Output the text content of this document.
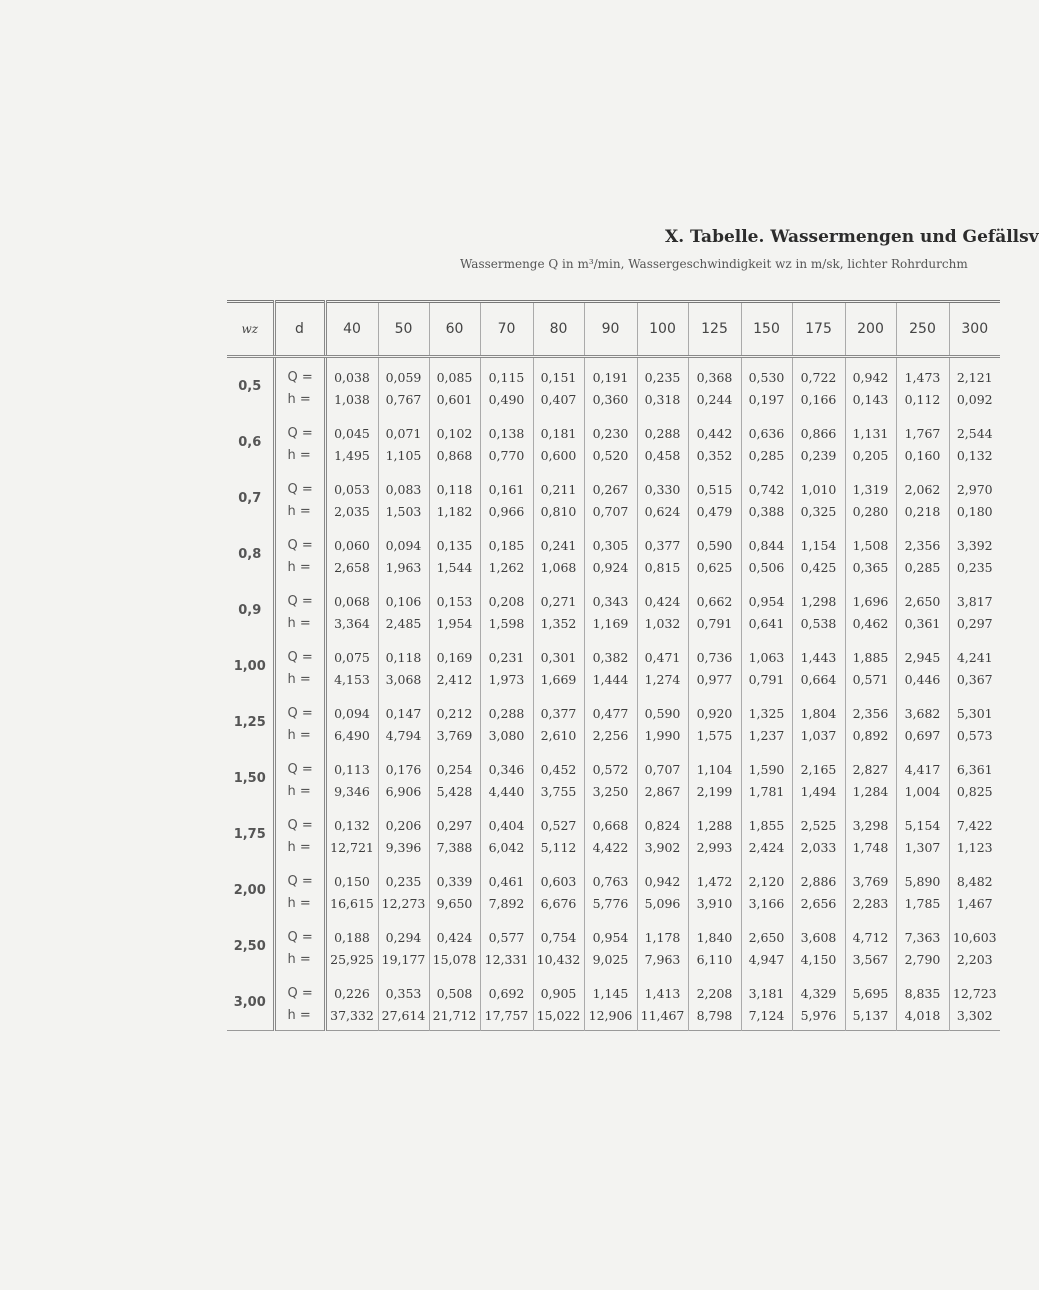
X. Tabelle. Wassermengen und Gefällsv
Wassermenge Q in m³/min, Wassergeschwindigkeit wz in m/sk, lichter Rohrdurchm
wz	d	40	50	60	70	80	90	100	125	150	175	200	250	300
0,5	Q =	0,038	0,059	0,085	0,115	0,151	0,191	0,235	0,368	0,530	0,722	0,942	1,473	2,121
	h =	1,038	0,767	0,601	0,490	0,407	0,360	0,318	0,244	0,197	0,166	0,143	0,112	0,092
0,6	Q =	0,045	0,071	0,102	0,138	0,181	0,230	0,288	0,442	0,636	0,866	1,131	1,767	2,544
	h =	1,495	1,105	0,868	0,770	0,600	0,520	0,458	0,352	0,285	0,239	0,205	0,160	0,132
0,7	Q =	0,053	0,083	0,118	0,161	0,211	0,267	0,330	0,515	0,742	1,010	1,319	2,062	2,970
	h =	2,035	1,503	1,182	0,966	0,810	0,707	0,624	0,479	0,388	0,325	0,280	0,218	0,180
0,8	Q =	0,060	0,094	0,135	0,185	0,241	0,305	0,377	0,590	0,844	1,154	1,508	2,356	3,392
	h =	2,658	1,963	1,544	1,262	1,068	0,924	0,815	0,625	0,506	0,425	0,365	0,285	0,235
0,9	Q =	0,068	0,106	0,153	0,208	0,271	0,343	0,424	0,662	0,954	1,298	1,696	2,650	3,817
	h =	3,364	2,485	1,954	1,598	1,352	1,169	1,032	0,791	0,641	0,538	0,462	0,361	0,297
1,00	Q =	0,075	0,118	0,169	0,231	0,301	0,382	0,471	0,736	1,063	1,443	1,885	2,945	4,241
	h =	4,153	3,068	2,412	1,973	1,669	1,444	1,274	0,977	0,791	0,664	0,571	0,446	0,367
1,25	Q =	0,094	0,147	0,212	0,288	0,377	0,477	0,590	0,920	1,325	1,804	2,356	3,682	5,301
	h =	6,490	4,794	3,769	3,080	2,610	2,256	1,990	1,575	1,237	1,037	0,892	0,697	0,573
1,50	Q =	0,113	0,176	0,254	0,346	0,452	0,572	0,707	1,104	1,590	2,165	2,827	4,417	6,361
	h =	9,346	6,906	5,428	4,440	3,755	3,250	2,867	2,199	1,781	1,494	1,284	1,004	0,825
1,75	Q =	0,132	0,206	0,297	0,404	0,527	0,668	0,824	1,288	1,855	2,525	3,298	5,154	7,422
	h =	12,721	9,396	7,388	6,042	5,112	4,422	3,902	2,993	2,424	2,033	1,748	1,307	1,123
2,00	Q =	0,150	0,235	0,339	0,461	0,603	0,763	0,942	1,472	2,120	2,886	3,769	5,890	8,482
	h =	16,615	12,273	9,650	7,892	6,676	5,776	5,096	3,910	3,166	2,656	2,283	1,785	1,467
2,50	Q =	0,188	0,294	0,424	0,577	0,754	0,954	1,178	1,840	2,650	3,608	4,712	7,363	10,603
	h =	25,925	19,177	15,078	12,331	10,432	9,025	7,963	6,110	4,947	4,150	3,567	2,790	2,203
3,00	Q =	0,226	0,353	0,508	0,692	0,905	1,145	1,413	2,208	3,181	4,329	5,695	8,835	12,723
	h =	37,332	27,614	21,712	17,757	15,022	12,906	11,467	8,798	7,124	5,976	5,137	4,018	3,302
